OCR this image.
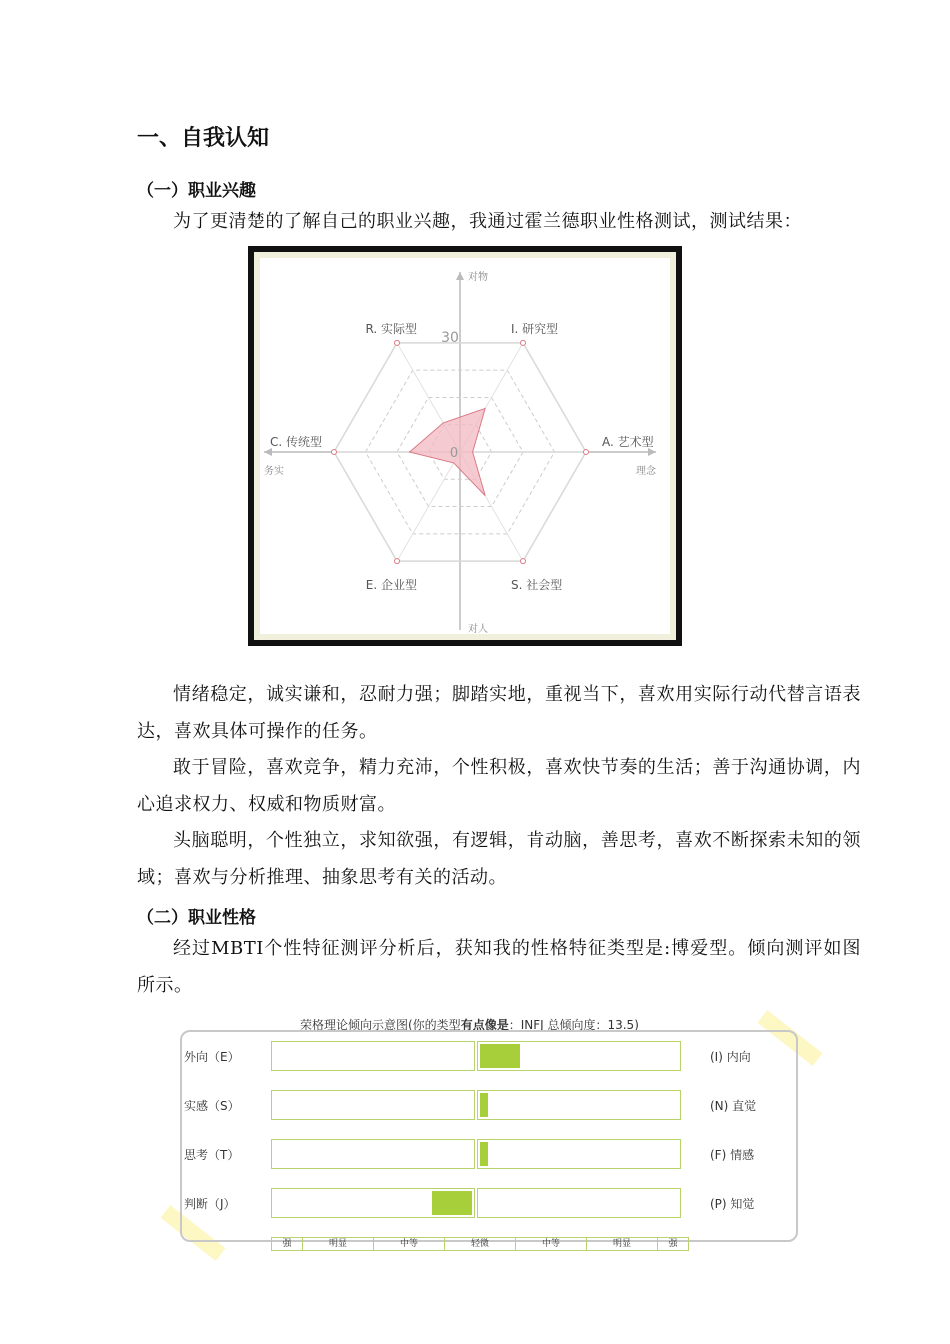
一、自我认知
（一）职业兴趣
为了更清楚的了解自己的职业兴趣，我通过霍兰德职业性格测试，测试结果：
I. 研究型
A. 艺术型
S. 社会型
E. 企业型
C. 传统型
R. 实际型
30
0
对物
对人
务实	理念
情绪稳定，诚实谦和，忍耐力强；脚踏实地，重视当下，喜欢用实际行动代替言语表达，喜欢具体可操作的任务。
敢于冒险，喜欢竞争，精力充沛，个性积极，喜欢快节奏的生活；善于沟通协调，内心追求权力、权威和物质财富。
头脑聪明，个性独立，求知欲强，有逻辑，肯动脑，善思考，喜欢不断探索未知的领域；喜欢与分析推理、抽象思考有关的活动。
（二）职业性格
经过MBTI个性特征测评分析后，获知我的性格特征类型是:博爱型。倾向测评如图所示。
荣格理论倾向示意图(你的类型有点像是：INFJ 总倾向度：13.5)
外向（E）	(I) 内向
实感（S）	(N) 直觉
思考（T）	(F) 情感
判断（J）	(P) 知觉
强	明显	中等	轻微	中等	明显	强
